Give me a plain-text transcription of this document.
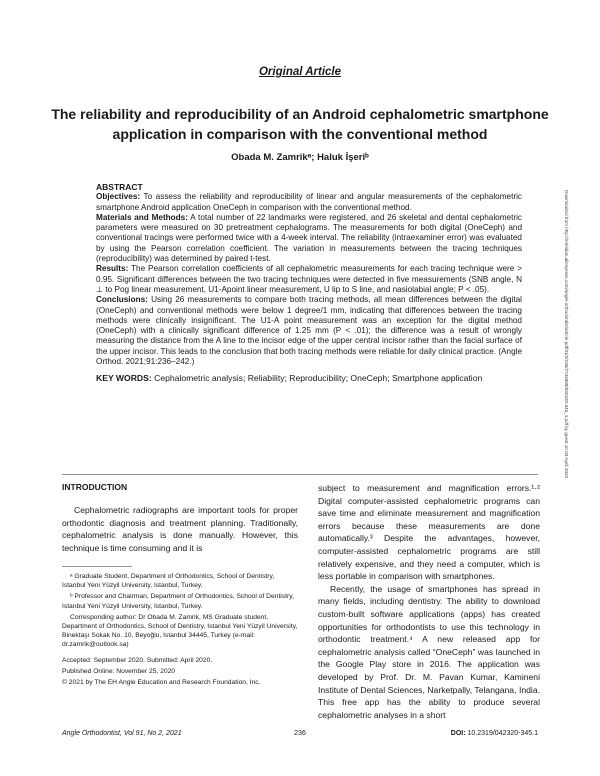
Original Article
The reliability and reproducibility of an Android cephalometric smartphone application in comparison with the conventional method
Obada M. Zamrikᵃ; Haluk İşeriᵇ

ABSTRACT

Objectives: To assess the reliability and reproducibility of linear and angular measurements of the cephalometric smartphone Android application OneCeph in comparison with the conventional method.

Materials and Methods: A total number of 22 landmarks were registered, and 26 skeletal and dental cephalometric parameters were measured on 30 pretreatment cephalograms. The measurements for both digital (OneCeph) and conventional tracings were performed twice with a 4-week interval. The reliability (intraexaminer error) was evaluated by using the Pearson correlation coefficient. The variation in measurements between the tracing techniques (reproducibility) was determined by paired t-test.

Results: The Pearson correlation coefficients of all cephalometric measurements for each tracing technique were > 0.95. Significant differences between the two tracing techniques were detected in five measurements (SNB angle, N ⊥ to Pog linear measurement, U1-Apoint linear measurement, U lip to S line, and nasiolabial angle; P < .05).

Conclusions: Using 26 measurements to compare both tracing methods, all mean differences between the digital (OneCeph) and conventional methods were below 1 degree/1 mm, indicating that differences between the tracing methods were clinically insignificant. The U1-A point measurement was an exception for the digital method (OneCeph) with a clinically significant difference of 1.25 mm (P < .01); the difference was a result of wrongly measuring the distance from the A line to the incisor edge of the upper central incisor rather than the facial surface of the upper incisor. This leads to the conclusion that both tracing methods were reliable for daily clinical practice. (Angle Orthod. 2021;91:236–242.)

KEY WORDS: Cephalometric analysis; Reliability; Reproducibility; OneCeph; Smartphone application	Downloaded from http://meridian.allenpress.com/angle-orthodontist/article-pdf/91/2/236/2744608/032320-345_1.pdf by guest on 03 April 2022

INTRODUCTION

Cephalometric radiographs are important tools for proper orthodontic diagnosis and treatment planning. Traditionally, cephalometric analysis is done manually. However, this technique is time consuming and it is

ᵃ Graduate Student, Department of Orthodontics, School of Dentistry, Istanbul Yeni Yüzyil University, Istanbul, Turkey.

ᵇ Professor and Chairman, Department of Orthodontics, School of Dentistry, Istanbul Yeni Yüzyil University, Istanbul, Turkey.

Corresponding author: Dr Obada M. Zamrik, MS Graduate student, Department of Orthodontics, School of Dentistry, Istanbul Yeni Yüzyil University, Binektaşı Sokak No. 10, Beyoğlu, Istanbul 34445, Turkey (e-mail: dr.zamrik@outlook.sa)

Accepted: September 2020. Submitted: April 2020.

Published Online: November 25, 2020

© 2021 by The EH Angle Education and Research Foundation, Inc.

subject to measurement and magnification errors.¹·² Digital computer-assisted cephalometric programs can save time and eliminate measurement and magnification errors because these measurements are done automatically.³ Despite the advantages, however, computer-assisted cephalometric programs are still relatively expensive, and they need a computer, which is less portable in comparison with smartphones.

Recently, the usage of smartphones has spread in many fields, including dentistry. The ability to download custom-built software applications (apps) has created opportunities for orthodontists to use this technology in orthodontic treatment.⁴ A new released app for cephalometric analysis called “OneCeph” was launched in the Google Play store in 2016. The application was developed by Prof. Dr. M. Pavan Kumar, Kamineni Institute of Dental Sciences, Narketpally, Telangana, India. This free app has the ability to produce several cephalometric analyses in a short

Angle Orthodontist, Vol 91, No 2, 2021	236	DOI: 10.2319/042320-345.1
